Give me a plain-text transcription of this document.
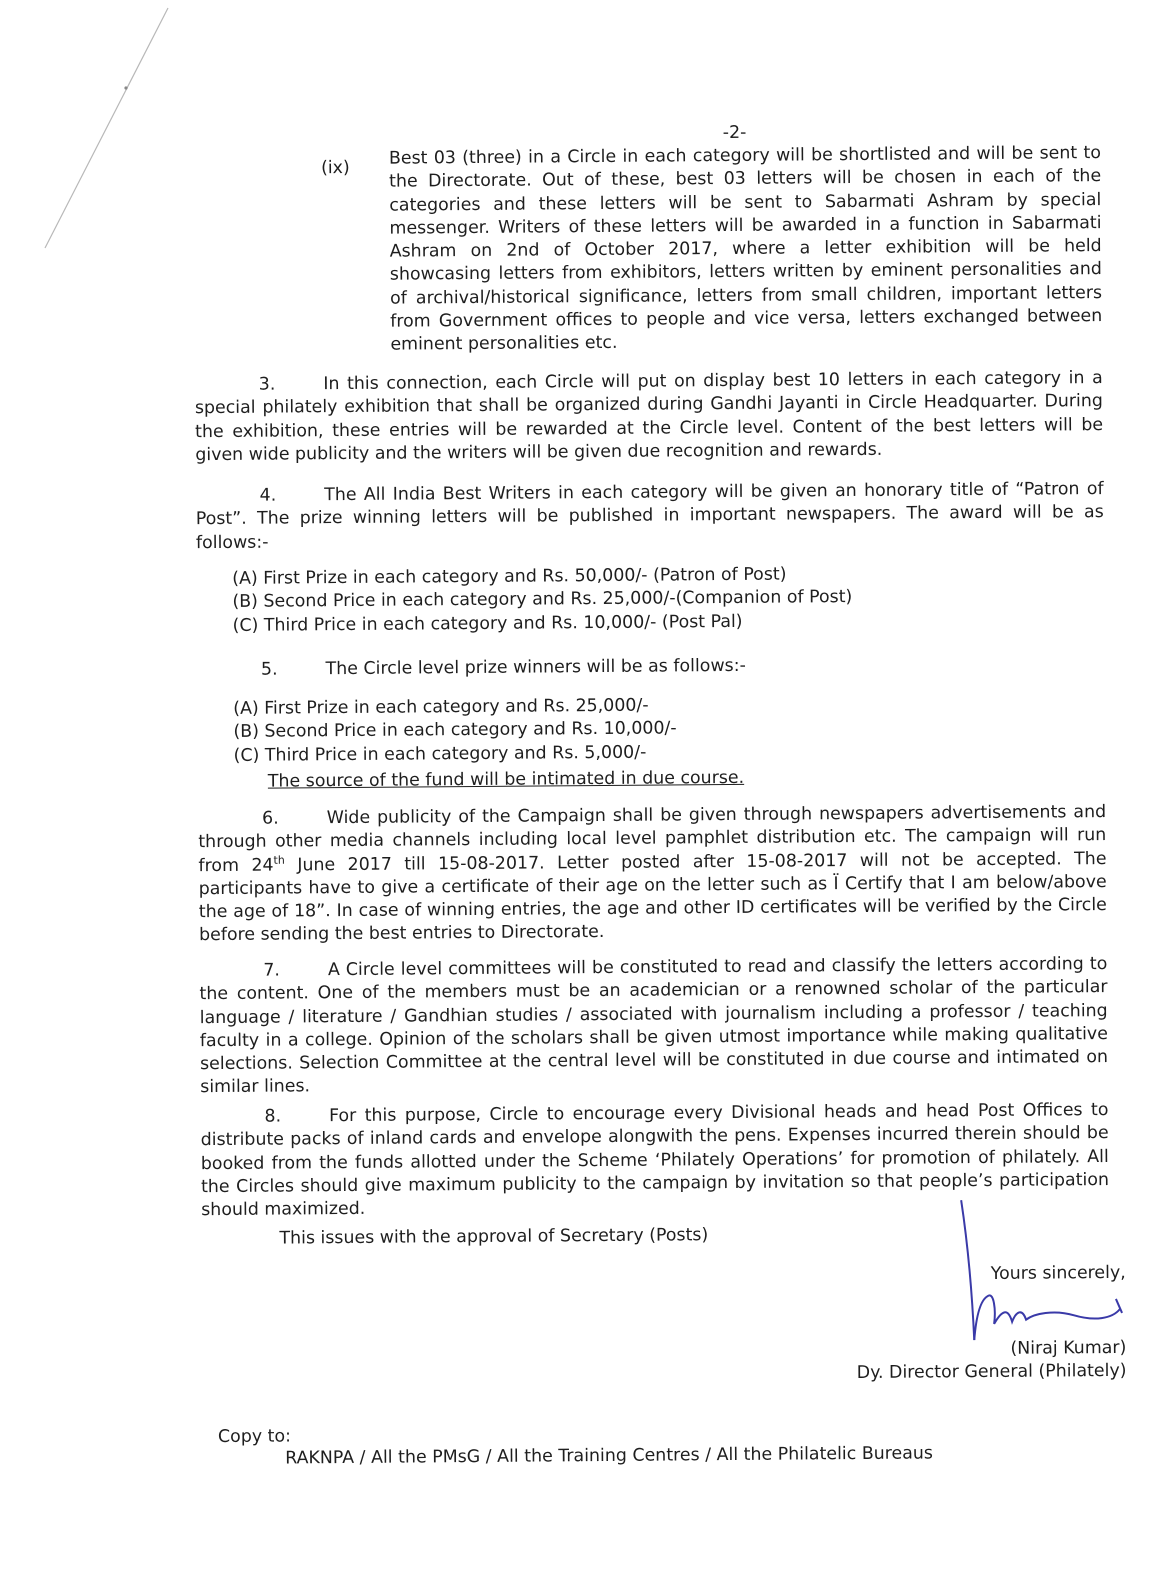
-2-
(ix) Best 03 (three) in a Circle in each category will be shortlisted and will be sent to the Directorate. Out of these, best 03 letters will be chosen in each of the categories and these letters will be sent to Sabarmati Ashram by special messenger. Writers of these letters will be awarded in a function in Sabarmati Ashram on 2nd of October 2017, where a letter exhibition will be held showcasing letters from exhibitors, letters written by eminent personalities and of archival/historical significance, letters from small children, important letters from Government offices to people and vice versa, letters exchanged between eminent personalities etc.
3.	In this connection, each Circle will put on display best 10 letters in each category in a special philately exhibition that shall be organized during Gandhi Jayanti in Circle Headquarter. During the exhibition, these entries will be rewarded at the Circle level. Content of the best letters will be given wide publicity and the writers will be given due recognition and rewards.
4.	The All India Best Writers in each category will be given an honorary title of “Patron of Post”. The prize winning letters will be published in important newspapers. The award will be as follows:-
(A) First Prize in each category and Rs. 50,000/- (Patron of Post)
(B) Second Price in each category and Rs. 25,000/-(Companion of Post)
(C) Third Price in each category and Rs. 10,000/- (Post Pal)
5.	The Circle level prize winners will be as follows:-
(A) First Prize in each category and Rs. 25,000/-
(B) Second Price in each category and Rs. 10,000/-
(C) Third Price in each category and Rs. 5,000/-
The source of the fund will be intimated in due course.
6.	Wide publicity of the Campaign shall be given through newspapers advertisements and through other media channels including local level pamphlet distribution etc. The campaign will run from 24th June 2017 till 15-08-2017. Letter posted after 15-08-2017 will not be accepted. The participants have to give a certificate of their age on the letter such as Ï Certify that I am below/above the age of 18”. In case of winning entries, the age and other ID certificates will be verified by the Circle before sending the best entries to Directorate.
7.	A Circle level committees will be constituted to read and classify the letters according to the content. One of the members must be an academician or a renowned scholar of the particular language / literature / Gandhian studies / associated with journalism including a professor / teaching faculty in a college. Opinion of the scholars shall be given utmost importance while making qualitative selections. Selection Committee at the central level will be constituted in due course and intimated on similar lines.
8.	For this purpose, Circle to encourage every Divisional heads and head Post Offices to distribute packs of inland cards and envelope alongwith the pens. Expenses incurred therein should be booked from the funds allotted under the Scheme ‘Philately Operations’ for promotion of philately. All the Circles should give maximum publicity to the campaign by invitation so that people’s participation should maximized.
This issues with the approval of Secretary (Posts)
Yours sincerely,
(Niraj Kumar)
Dy. Director General (Philately)
Copy to:
RAKNPA / All the PMsG / All the Training Centres / All the Philatelic Bureaus
